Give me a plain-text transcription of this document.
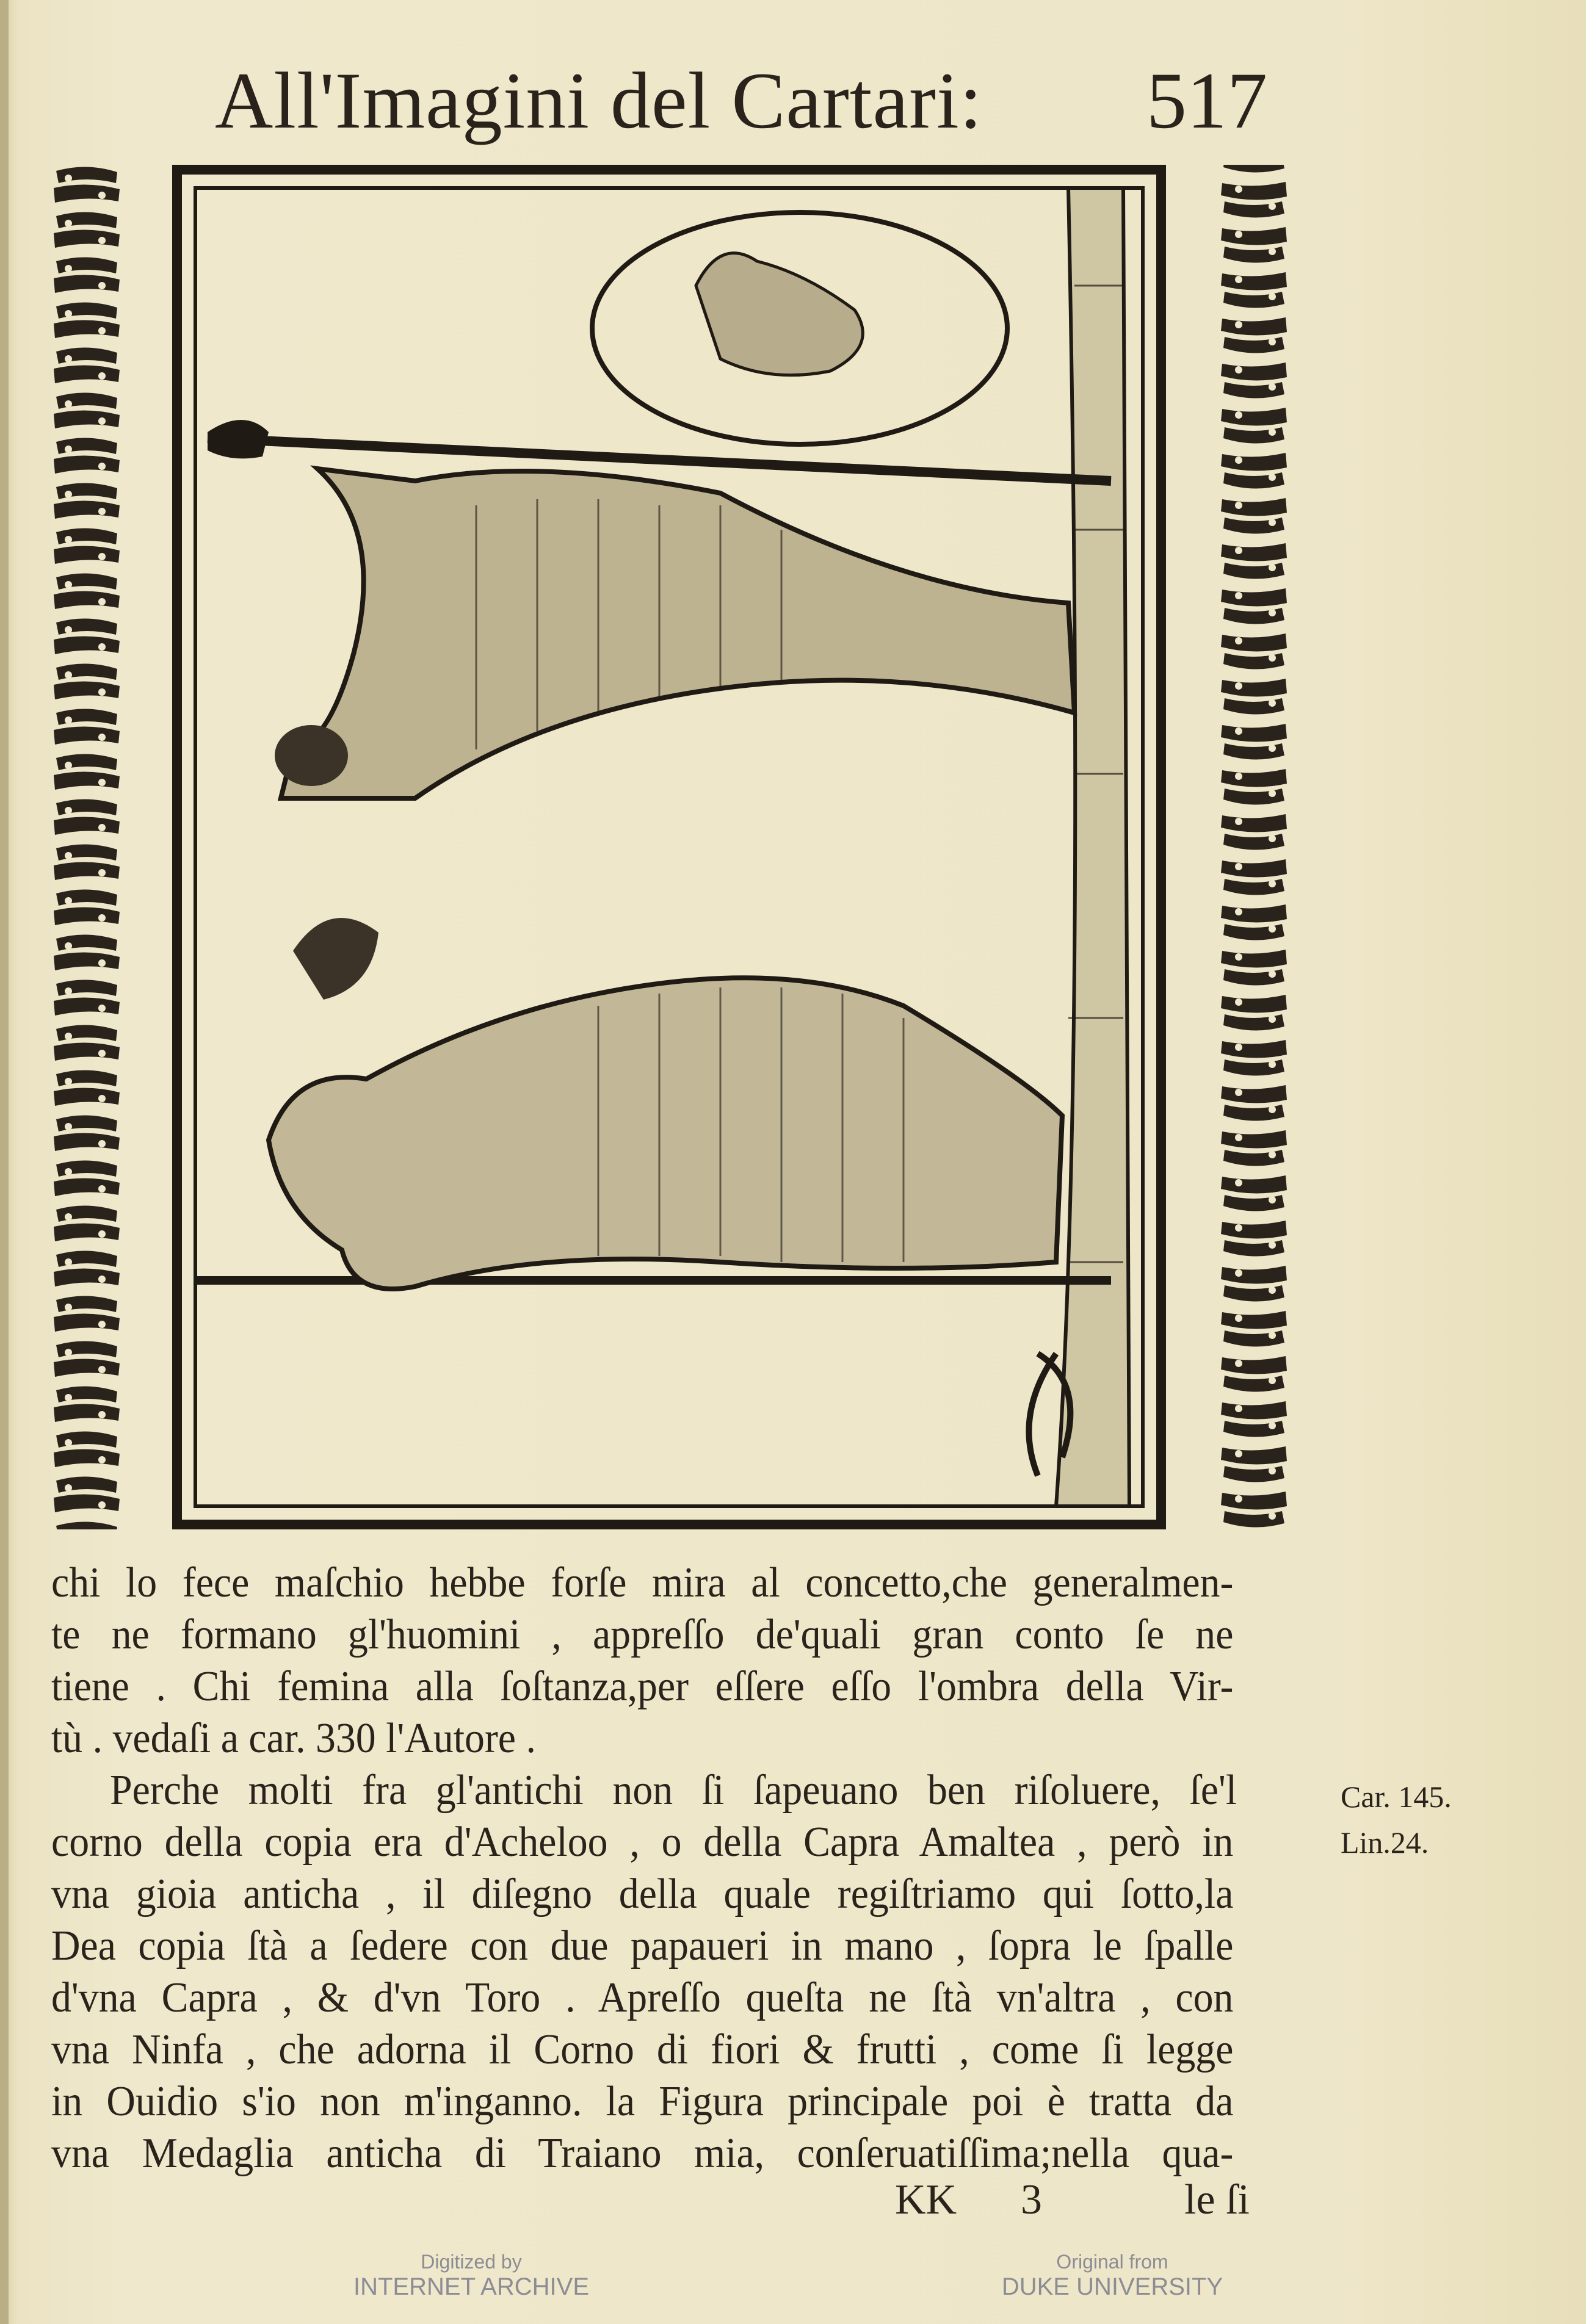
All'Imagini del Cartari: 517
chi lo fece maſchio hebbe forſe mira al concetto,che generalmen-
te ne formano gl'huomini , appreſſo de'quali gran conto ſe ne
tiene . Chi femina alla ſoſtanza,per eſſere eſſo l'ombra della Vir-
tù . vedaſi a car. 330 l'Autore .
Perche molti fra gl'antichi non ſi ſapeuano ben riſoluere, ſe'l
corno della copia era d'Acheloo , o della Capra Amaltea , però in
vna gioia anticha , il diſegno della quale regiſtriamo qui ſotto,la
Dea copia ſtà a ſedere con due papaueri in mano , ſopra le ſpalle
d'vna Capra , & d'vn Toro . Apreſſo queſta ne ſtà vn'altra , con
vna Ninfa , che adorna il Corno di fiori & frutti , come ſi legge
in Ouidio s'io non m'inganno. la Figura principale poi è tratta da
vna Medaglia anticha di Traiano mia, conſeruatiſſima;nella qua-
Car. 145.
Lin.24.
KK 3	le ſi
Digitized by
INTERNET ARCHIVE
Original from
DUKE UNIVERSITY
